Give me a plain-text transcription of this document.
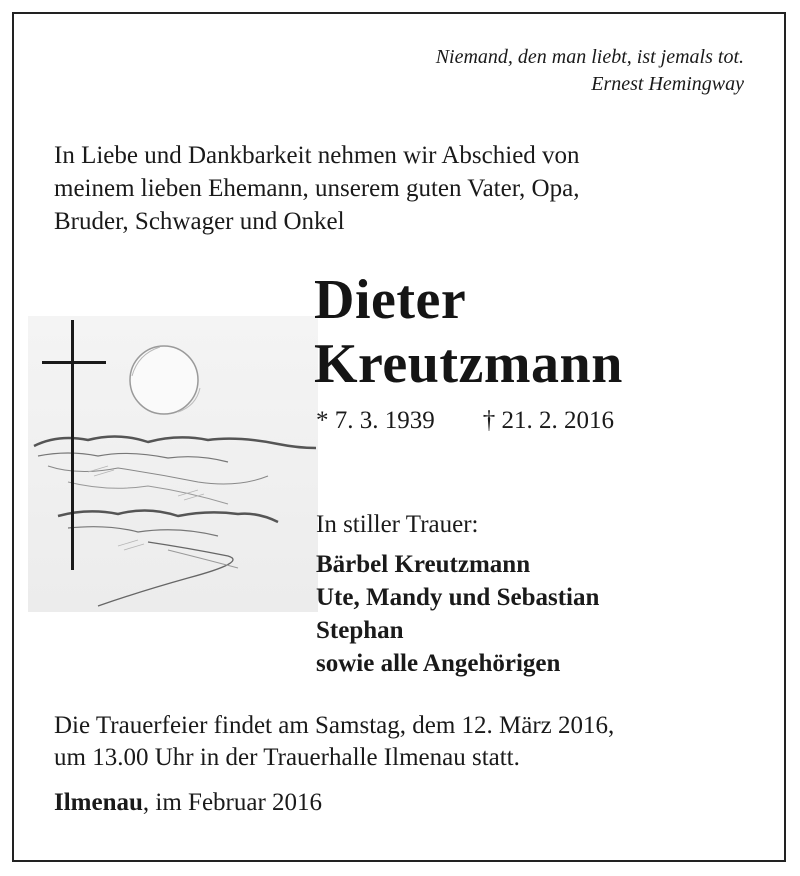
Niemand, den man liebt, ist jemals tot.
Ernest Hemingway
In Liebe und Dankbarkeit nehmen wir Abschied von
meinem lieben Ehemann, unserem guten Vater, Opa,
Bruder, Schwager und Onkel
Dieter
Kreutzmann
* 7. 3. 1939 † 21. 2. 2016
In stiller Trauer:
Bärbel Kreutzmann
Ute, Mandy und Sebastian
Stephan
sowie alle Angehörigen
Die Trauerfeier findet am Samstag, dem 12. März 2016,
um 13.00 Uhr in der Trauerhalle Ilmenau statt.
Ilmenau, im Februar 2016
